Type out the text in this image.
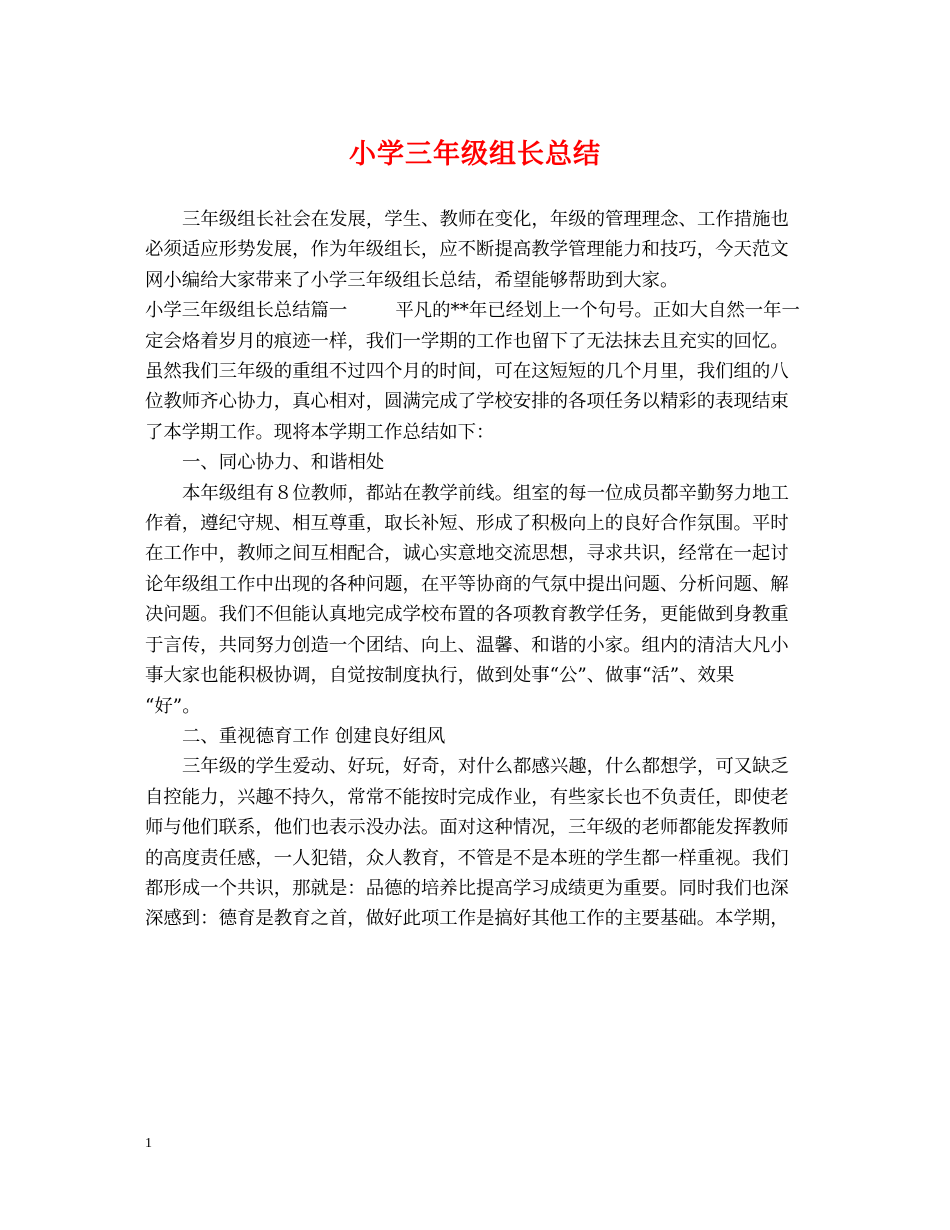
小学三年级组长总结

三年级组长社会在发展，学生、教师在变化，年级的管理理念、工作措施也必须适应形势发展，作为年级组长，应不断提高教学管理能力和技巧，今天范文网小编给大家带来了小学三年级组长总结，希望能够帮助到大家。

小学三年级组长总结篇一	平凡的**年已经划上一个句号。正如大自然一年一定会烙着岁月的痕迹一样，我们一学期的工作也留下了无法抹去且充实的回忆。虽然我们三年级的重组不过四个月的时间，可在这短短的几个月里，我们组的八位教师齐心协力，真心相对，圆满完成了学校安排的各项任务以精彩的表现结束了本学期工作。现将本学期工作总结如下：

一、同心协力、和谐相处

本年级组有８位教师，都站在教学前线。组室的每一位成员都辛勤努力地工作着，遵纪守规、相互尊重，取长补短、形成了积极向上的良好合作氛围。平时在工作中，教师之间互相配合，诚心实意地交流思想，寻求共识，经常在一起讨论年级组工作中出现的各种问题，在平等协商的气氛中提出问题、分析问题、解决问题。我们不但能认真地完成学校布置的各项教育教学任务，更能做到身教重于言传，共同努力创造一个团结、向上、温馨、和谐的小家。组内的清洁大凡小事大家也能积极协调，自觉按制度执行，做到处事“公”、做事“活”、效果

“好”。

二、重视德育工作 创建良好组风

三年级的学生爱动、好玩，好奇，对什么都感兴趣，什么都想学，可又缺乏自控能力，兴趣不持久，常常不能按时完成作业，有些家长也不负责任，即使老师与他们联系，他们也表示没办法。面对这种情况，三年级的老师都能发挥教师的高度责任感，一人犯错，众人教育，不管是不是本班的学生都一样重视。我们都形成一个共识，那就是：品德的培养比提高学习成绩更为重要。同时我们也深深感到：德育是教育之首，做好此项工作是搞好其他工作的主要基础。本学期，

1
